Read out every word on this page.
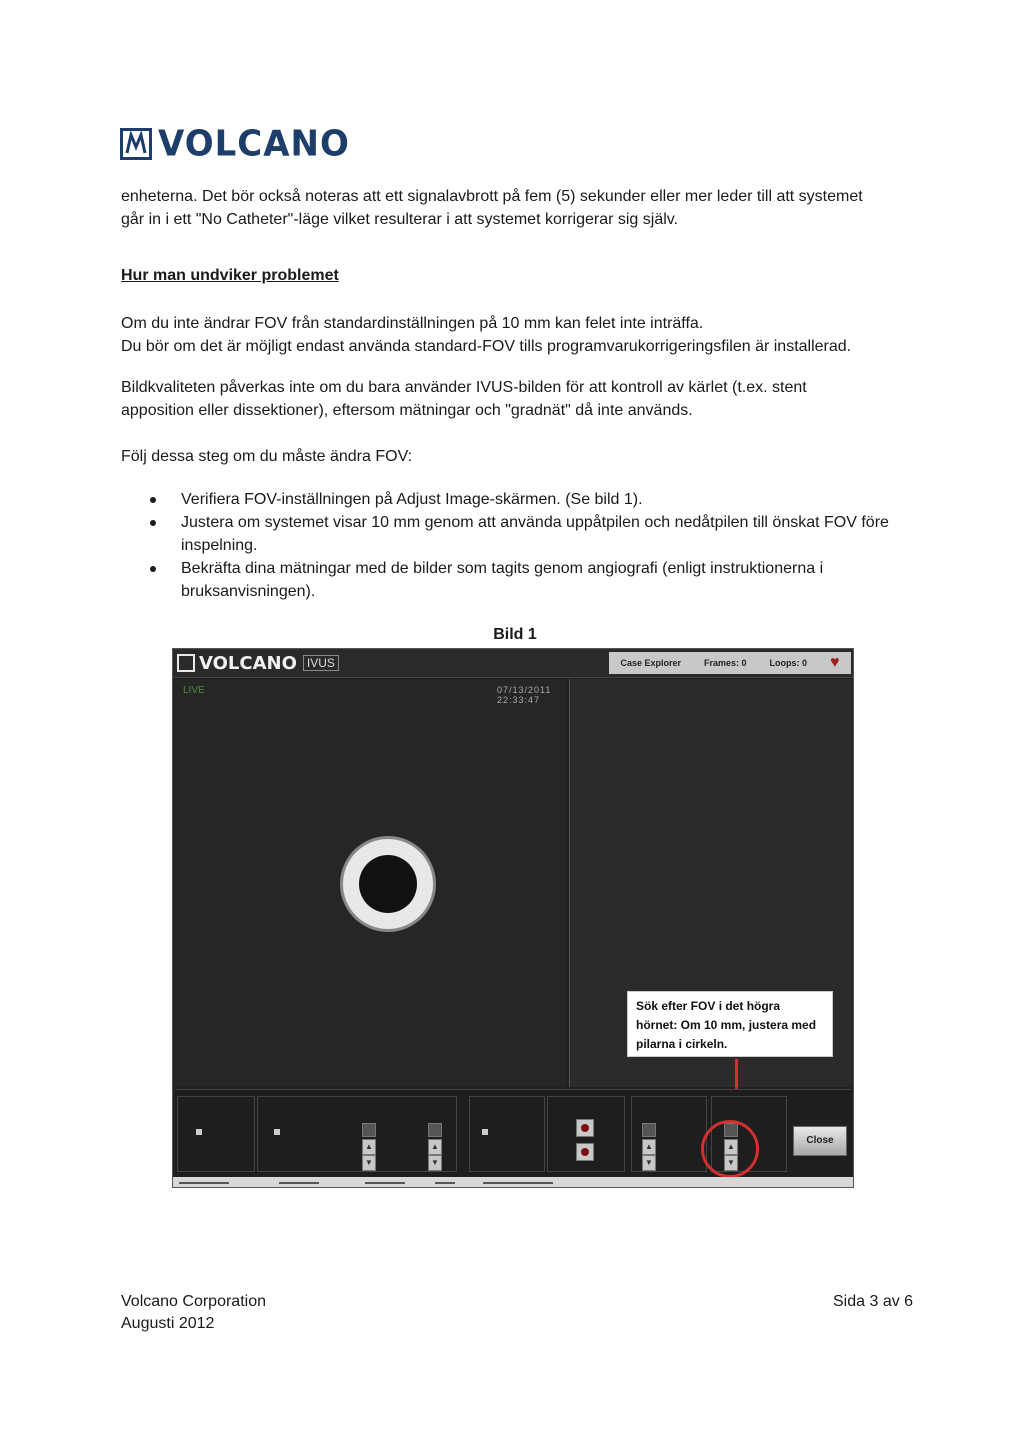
VOLCANO

enheterna. Det bör också noteras att ett signalavbrott på fem (5) sekunder eller mer leder till att systemet går in i ett "No Catheter"-läge vilket resulterar i att systemet korrigerar sig själv.

Hur man undviker problemet

Om du inte ändrar FOV från standardinställningen på 10 mm kan felet inte inträffa.

Du bör om det är möjligt endast använda standard-FOV tills programvarukorrigeringsfilen är installerad.

Bildkvaliteten påverkas inte om du bara använder IVUS-bilden för att kontroll av kärlet (t.ex. stent apposition eller dissektioner), eftersom mätningar och "gradnät" då inte används.

Följ dessa steg om du måste ändra FOV:

Verifiera FOV-inställningen på Adjust Image-skärmen. (Se bild 1).
Justera om systemet visar 10 mm genom att använda uppåtpilen och nedåtpilen till önskat FOV före inspelning.
Bekräfta dina mätningar med de bilder som tagits genom angiografi (enligt instruktionerna i bruksanvisningen).
Bild 1
VOLCANO IVUS	Case Explorer	Frames: 0	Loops: 0 ♥
LIVE	07/13/2011 22:33:47
Sök efter FOV i det högra hörnet: Om 10 mm, justera med pilarna i cirkeln.
▲
▼
▲
▼
▲
▼
▲
▼
Close
Volcano Corporation
Augusti 2012
Sida 3 av 6
